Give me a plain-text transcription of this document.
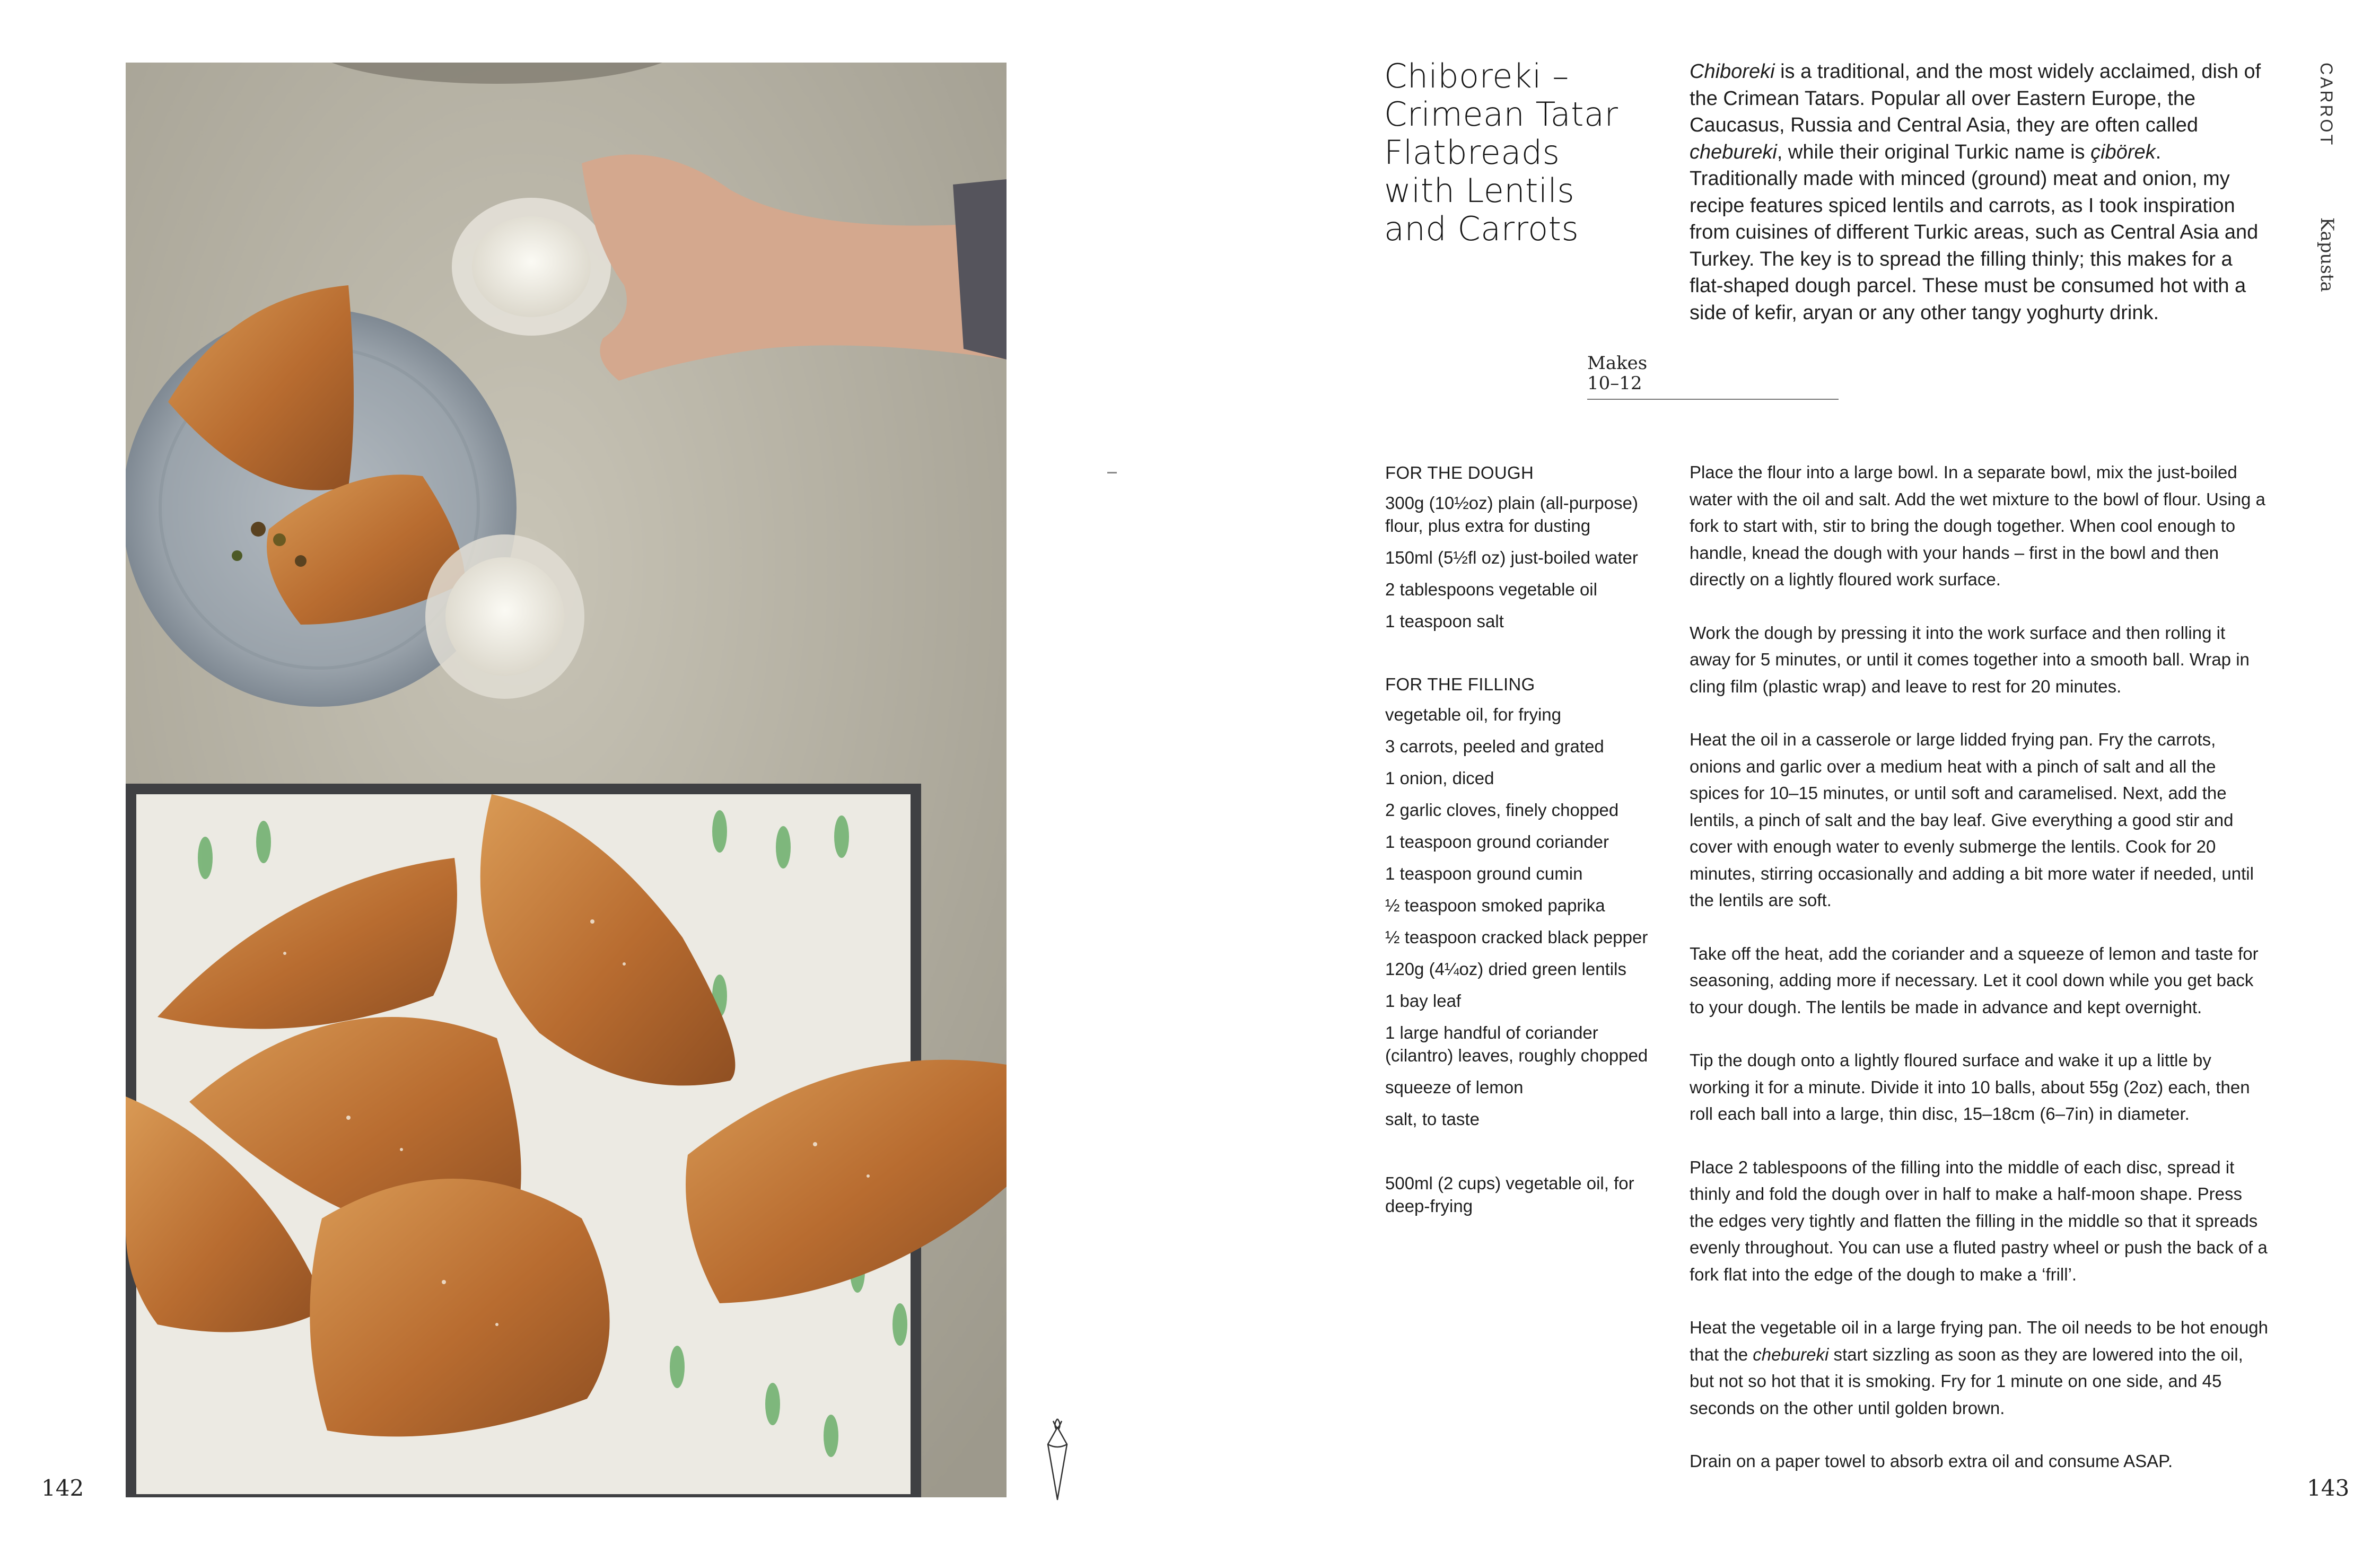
142
Chiboreki –
Crimean Tatar
Flatbreads
with Lentils
and Carrots
Chiboreki is a traditional, and the most widely acclaimed, dish of the Crimean Tatars. Popular all over Eastern Europe, the Caucasus, Russia and Central Asia, they are often called chebureki, while their original Turkic name is çibörek. Traditionally made with minced (ground) meat and onion, my recipe features spiced lentils and carrots, as I took inspiration from cuisines of different Turkic areas, such as Central Asia and Turkey. The key is to spread the filling thinly; this makes for a flat-shaped dough parcel. These must be consumed hot with a side of kefir, aryan or any other tangy yoghurty drink.
Makes
10–12
CARROT
Kapusta
FOR THE DOUGH
300g (10½oz) plain (all-purpose) flour, plus extra for dusting
150ml (5½fl oz) just-boiled water
2 tablespoons vegetable oil
1 teaspoon salt
FOR THE FILLING
vegetable oil, for frying
3 carrots, peeled and grated
1 onion, diced
2 garlic cloves, finely chopped
1 teaspoon ground coriander
1 teaspoon ground cumin
½ teaspoon smoked paprika
½ teaspoon cracked black pepper
120g (4¼oz) dried green lentils
1 bay leaf
1 large handful of coriander (cilantro) leaves, roughly chopped
squeeze of lemon
salt, to taste
500ml (2 cups) vegetable oil, for deep-frying

Place the flour into a large bowl. In a separate bowl, mix the just-boiled water with the oil and salt. Add the wet mixture to the bowl of flour. Using a fork to start with, stir to bring the dough together. When cool enough to handle, knead the dough with your hands – first in the bowl and then directly on a lightly floured work surface.

Work the dough by pressing it into the work surface and then rolling it away for 5 minutes, or until it comes together into a smooth ball. Wrap in cling film (plastic wrap) and leave to rest for 20 minutes.

Heat the oil in a casserole or large lidded frying pan. Fry the carrots, onions and garlic over a medium heat with a pinch of salt and all the spices for 10–15 minutes, or until soft and caramelised. Next, add the lentils, a pinch of salt and the bay leaf. Give everything a good stir and cover with enough water to evenly submerge the lentils. Cook for 20 minutes, stirring occasionally and adding a bit more water if needed, until the lentils are soft.

Take off the heat, add the coriander and a squeeze of lemon and taste for seasoning, adding more if necessary. Let it cool down while you get back to your dough. The lentils be made in advance and kept overnight.

Tip the dough onto a lightly floured surface and wake it up a little by working it for a minute. Divide it into 10 balls, about 55g (2oz) each, then roll each ball into a large, thin disc, 15–18cm (6–7in) in diameter.

Place 2 tablespoons of the filling into the middle of each disc, spread it thinly and fold the dough over in half to make a half-moon shape. Press the edges very tightly and flatten the filling in the middle so that it spreads evenly throughout. You can use a fluted pastry wheel or push the back of a fork flat into the edge of the dough to make a ‘frill’.

Heat the vegetable oil in a large frying pan. The oil needs to be hot enough that the chebureki start sizzling as soon as they are lowered into the oil, but not so hot that it is smoking. Fry for 1 minute on one side, and 45 seconds on the other until golden brown.

Drain on a paper towel to absorb extra oil and consume ASAP.

143
